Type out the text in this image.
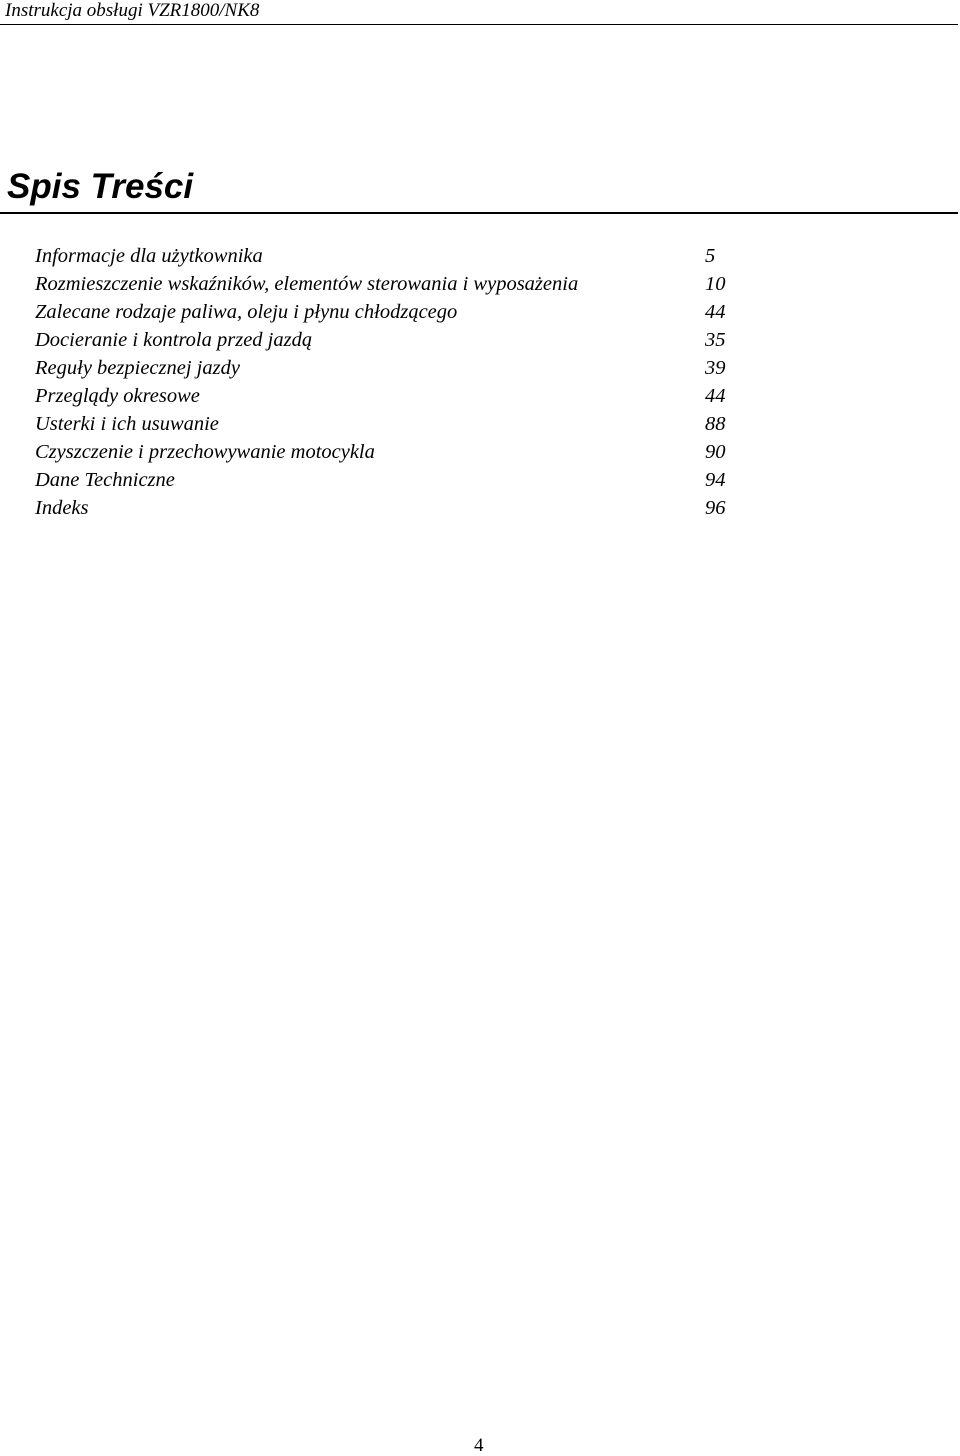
Instrukcja obsługi VZR1800/NK8
Spis Treści
Informacje dla użytkownika	5
Rozmieszczenie wskaźników, elementów sterowania i wyposażenia	10
Zalecane rodzaje paliwa, oleju i płynu chłodzącego	44
Docieranie i kontrola przed jazdą	35
Reguły bezpiecznej jazdy	39
Przeglądy okresowe	44
Usterki i ich usuwanie	88
Czyszczenie i przechowywanie motocykla	90
Dane Techniczne	94
Indeks	96
4
